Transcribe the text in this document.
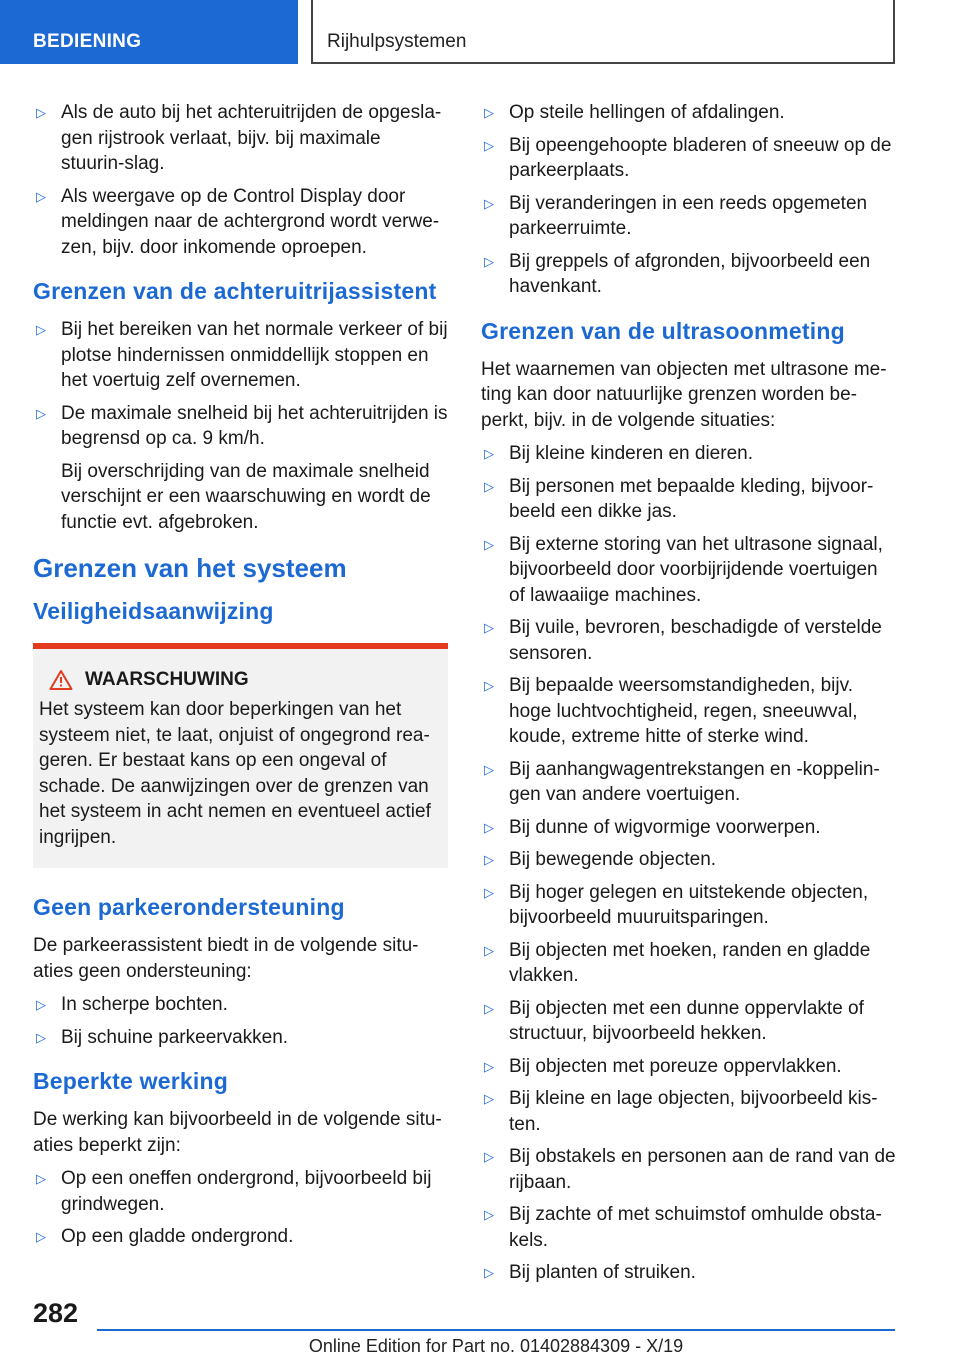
BEDIENING	Rijhulpsystemen
▷ Als de auto bij het achteruitrijden de opgesla-gen rijstrook verlaat, bijv. bij maximale stuurin-slag.
▷ Als weergave op de Control Display door meldingen naar de achtergrond wordt verwe-zen, bijv. door inkomende oproepen.
Grenzen van de achteruitrijassistent
▷ Bij het bereiken van het normale verkeer of bij plotse hindernissen onmiddellijk stoppen en het voertuig zelf overnemen.
▷ De maximale snelheid bij het achteruitrijden is begrensd op ca. 9 km/h.
Bij overschrijding van de maximale snelheid verschijnt er een waarschuwing en wordt de functie evt. afgebroken.
Grenzen van het systeem
Veiligheidsaanwijzing
WAARSCHUWING
Het systeem kan door beperkingen van het systeem niet, te laat, onjuist of ongegrond rea-geren. Er bestaat kans op een ongeval of schade. De aanwijzingen over de grenzen van het systeem in acht nemen en eventueel actief ingrijpen.
Geen parkeerondersteuning
De parkeerassistent biedt in de volgende situ-aties geen ondersteuning:
▷ In scherpe bochten.
▷ Bij schuine parkeervakken.
Beperkte werking
De werking kan bijvoorbeeld in de volgende situ-aties beperkt zijn:
▷ Op een oneffen ondergrond, bijvoorbeeld bij grindwegen.
▷ Op een gladde ondergrond.
▷ Op steile hellingen of afdalingen.
▷ Bij opeengehoopte bladeren of sneeuw op de parkeerplaats.
▷ Bij veranderingen in een reeds opgemeten parkeerruimte.
▷ Bij greppels of afgronden, bijvoorbeeld een havenkant.
Grenzen van de ultrasoonmeting
Het waarnemen van objecten met ultrasone me-ting kan door natuurlijke grenzen worden be-perkt, bijv. in de volgende situaties:
▷ Bij kleine kinderen en dieren.
▷ Bij personen met bepaalde kleding, bijvoor-beeld een dikke jas.
▷ Bij externe storing van het ultrasone signaal, bijvoorbeeld door voorbijrijdende voertuigen of lawaaiige machines.
▷ Bij vuile, bevroren, beschadigde of verstelde sensoren.
▷ Bij bepaalde weersomstandigheden, bijv. hoge luchtvochtigheid, regen, sneeuwval, koude, extreme hitte of sterke wind.
▷ Bij aanhangwagentrekstangen en -koppelin-gen van andere voertuigen.
▷ Bij dunne of wigvormige voorwerpen.
▷ Bij bewegende objecten.
▷ Bij hoger gelegen en uitstekende objecten, bijvoorbeeld muuruitsparingen.
▷ Bij objecten met hoeken, randen en gladde vlakken.
▷ Bij objecten met een dunne oppervlakte of structuur, bijvoorbeeld hekken.
▷ Bij objecten met poreuze oppervlakken.
▷ Bij kleine en lage objecten, bijvoorbeeld kis-ten.
▷ Bij obstakels en personen aan de rand van de rijbaan.
▷ Bij zachte of met schuimstof omhulde obsta-kels.
▷ Bij planten of struiken.
282
Online Edition for Part no. 01402884309 - X/19
